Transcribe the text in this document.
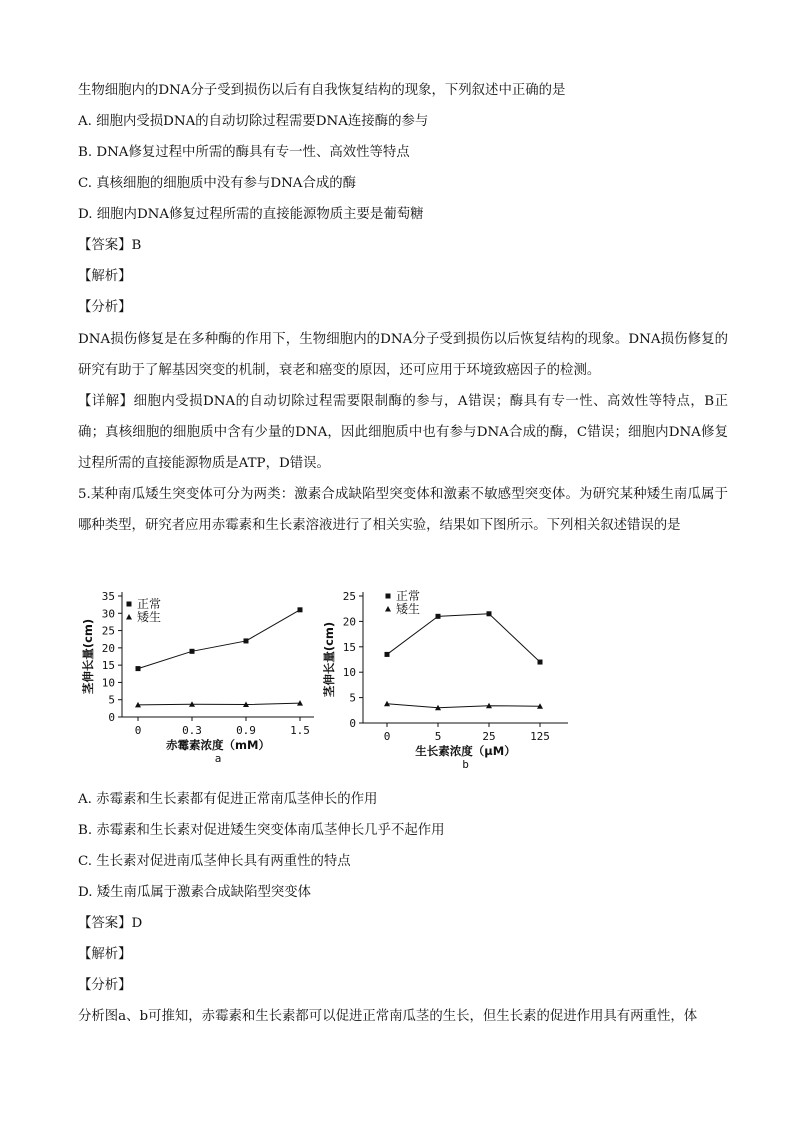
生物细胞内的DNA分子受到损伤以后有自我恢复结构的现象，下列叙述中正确的是
A. 细胞内受损DNA的自动切除过程需要DNA连接酶的参与
B. DNA修复过程中所需的酶具有专一性、高效性等特点
C. 真核细胞的细胞质中没有参与DNA合成的酶
D. 细胞内DNA修复过程所需的直接能源物质主要是葡萄糖
【答案】B
【解析】
【分析】
DNA损伤修复是在多种酶的作用下，生物细胞内的DNA分子受到损伤以后恢复结构的现象。DNA损伤修复的研究有助于了解基因突变的机制，衰老和癌变的原因，还可应用于环境致癌因子的检测。
【详解】细胞内受损DNA的自动切除过程需要限制酶的参与，A错误；酶具有专一性、高效性等特点，B正确；真核细胞的细胞质中含有少量的DNA，因此细胞质中也有参与DNA合成的酶，C错误；细胞内DNA修复过程所需的直接能源物质是ATP，D错误。
5.某种南瓜矮生突变体可分为两类：激素合成缺陷型突变体和激素不敏感型突变体。为研究某种矮生南瓜属于哪种类型，研究者应用赤霉素和生长素溶液进行了相关实验，结果如下图所示。下列相关叙述错误的是
0
5
10
15
20
25
30
35
0	0.3	0.9	1.5
赤霉素浓度（mM）
a
茎伸长量(cm)
正常
矮生
0
5
10
15
20
25
0	5	25	125
生长素浓度（μM）
b
茎伸长量(cm)
正常
矮生
A. 赤霉素和生长素都有促进正常南瓜茎伸长的作用
B. 赤霉素和生长素对促进矮生突变体南瓜茎伸长几乎不起作用
C. 生长素对促进南瓜茎伸长具有两重性的特点
D. 矮生南瓜属于激素合成缺陷型突变体
【答案】D
【解析】
【分析】
分析图a、b可推知，赤霉素和生长素都可以促进正常南瓜茎的生长，但生长素的促进作用具有两重性，体
